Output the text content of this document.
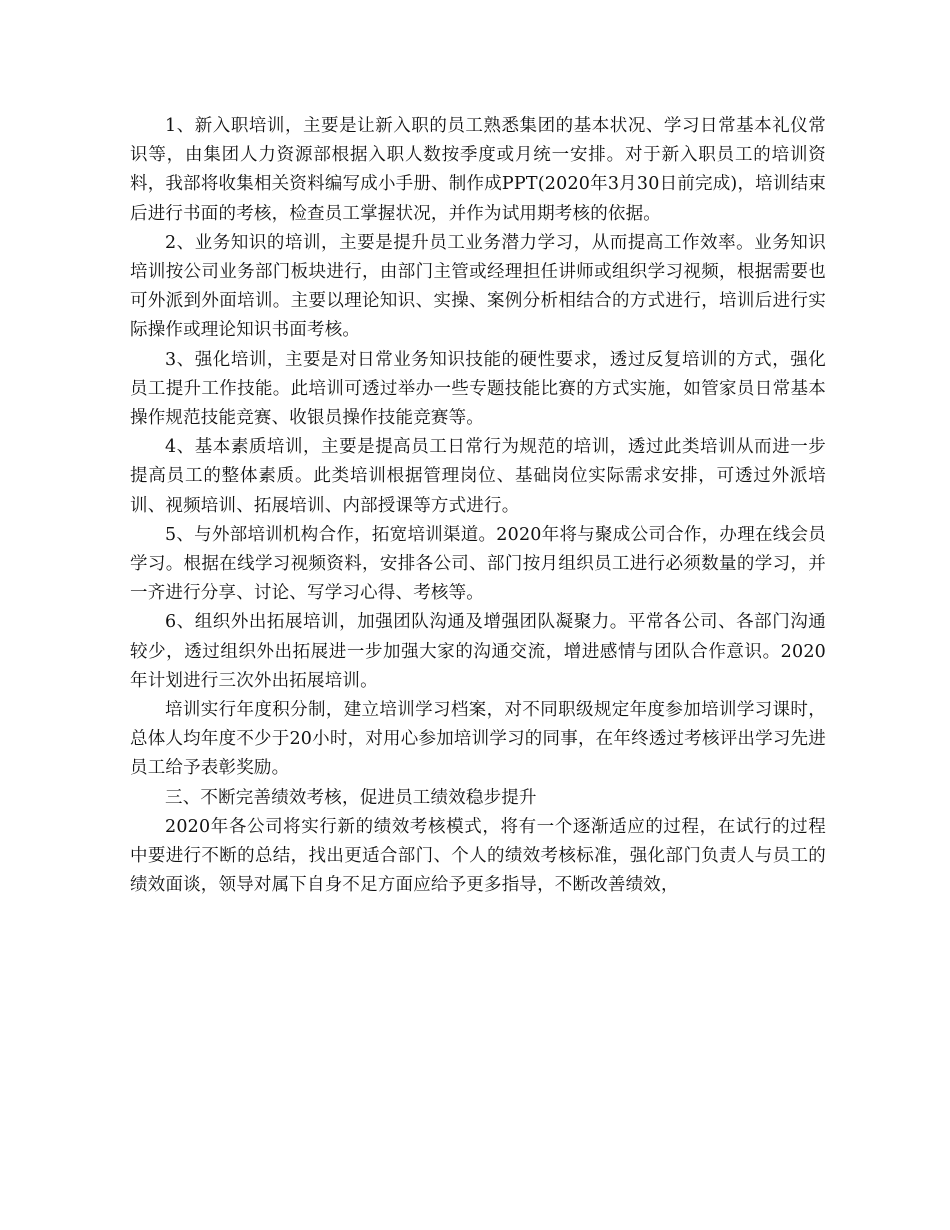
1、新入职培训，主要是让新入职的员工熟悉集团的基本状况、学习日常基本礼仪常识等，由集团人力资源部根据入职人数按季度或月统一安排。对于新入职员工的培训资料，我部将收集相关资料编写成小手册、制作成PPT(2020年3月30日前完成)，培训结束后进行书面的考核，检查员工掌握状况，并作为试用期考核的依据。

2、业务知识的培训，主要是提升员工业务潜力学习，从而提高工作效率。业务知识培训按公司业务部门板块进行，由部门主管或经理担任讲师或组织学习视频，根据需要也可外派到外面培训。主要以理论知识、实操、案例分析相结合的方式进行，培训后进行实际操作或理论知识书面考核。

3、强化培训，主要是对日常业务知识技能的硬性要求，透过反复培训的方式，强化员工提升工作技能。此培训可透过举办一些专题技能比赛的方式实施，如管家员日常基本操作规范技能竞赛、收银员操作技能竞赛等。

4、基本素质培训，主要是提高员工日常行为规范的培训，透过此类培训从而进一步提高员工的整体素质。此类培训根据管理岗位、基础岗位实际需求安排，可透过外派培训、视频培训、拓展培训、内部授课等方式进行。

5、与外部培训机构合作，拓宽培训渠道。2020年将与聚成公司合作，办理在线会员学习。根据在线学习视频资料，安排各公司、部门按月组织员工进行必须数量的学习，并一齐进行分享、讨论、写学习心得、考核等。

6、组织外出拓展培训，加强团队沟通及增强团队凝聚力。平常各公司、各部门沟通较少，透过组织外出拓展进一步加强大家的沟通交流，增进感情与团队合作意识。2020年计划进行三次外出拓展培训。

培训实行年度积分制，建立培训学习档案，对不同职级规定年度参加培训学习课时，总体人均年度不少于20小时，对用心参加培训学习的同事，在年终透过考核评出学习先进员工给予表彰奖励。

三、不断完善绩效考核，促进员工绩效稳步提升

2020年各公司将实行新的绩效考核模式，将有一个逐渐适应的过程，在试行的过程中要进行不断的总结，找出更适合部门、个人的绩效考核标准，强化部门负责人与员工的绩效面谈，领导对属下自身不足方面应给予更多指导，不断改善绩效，
